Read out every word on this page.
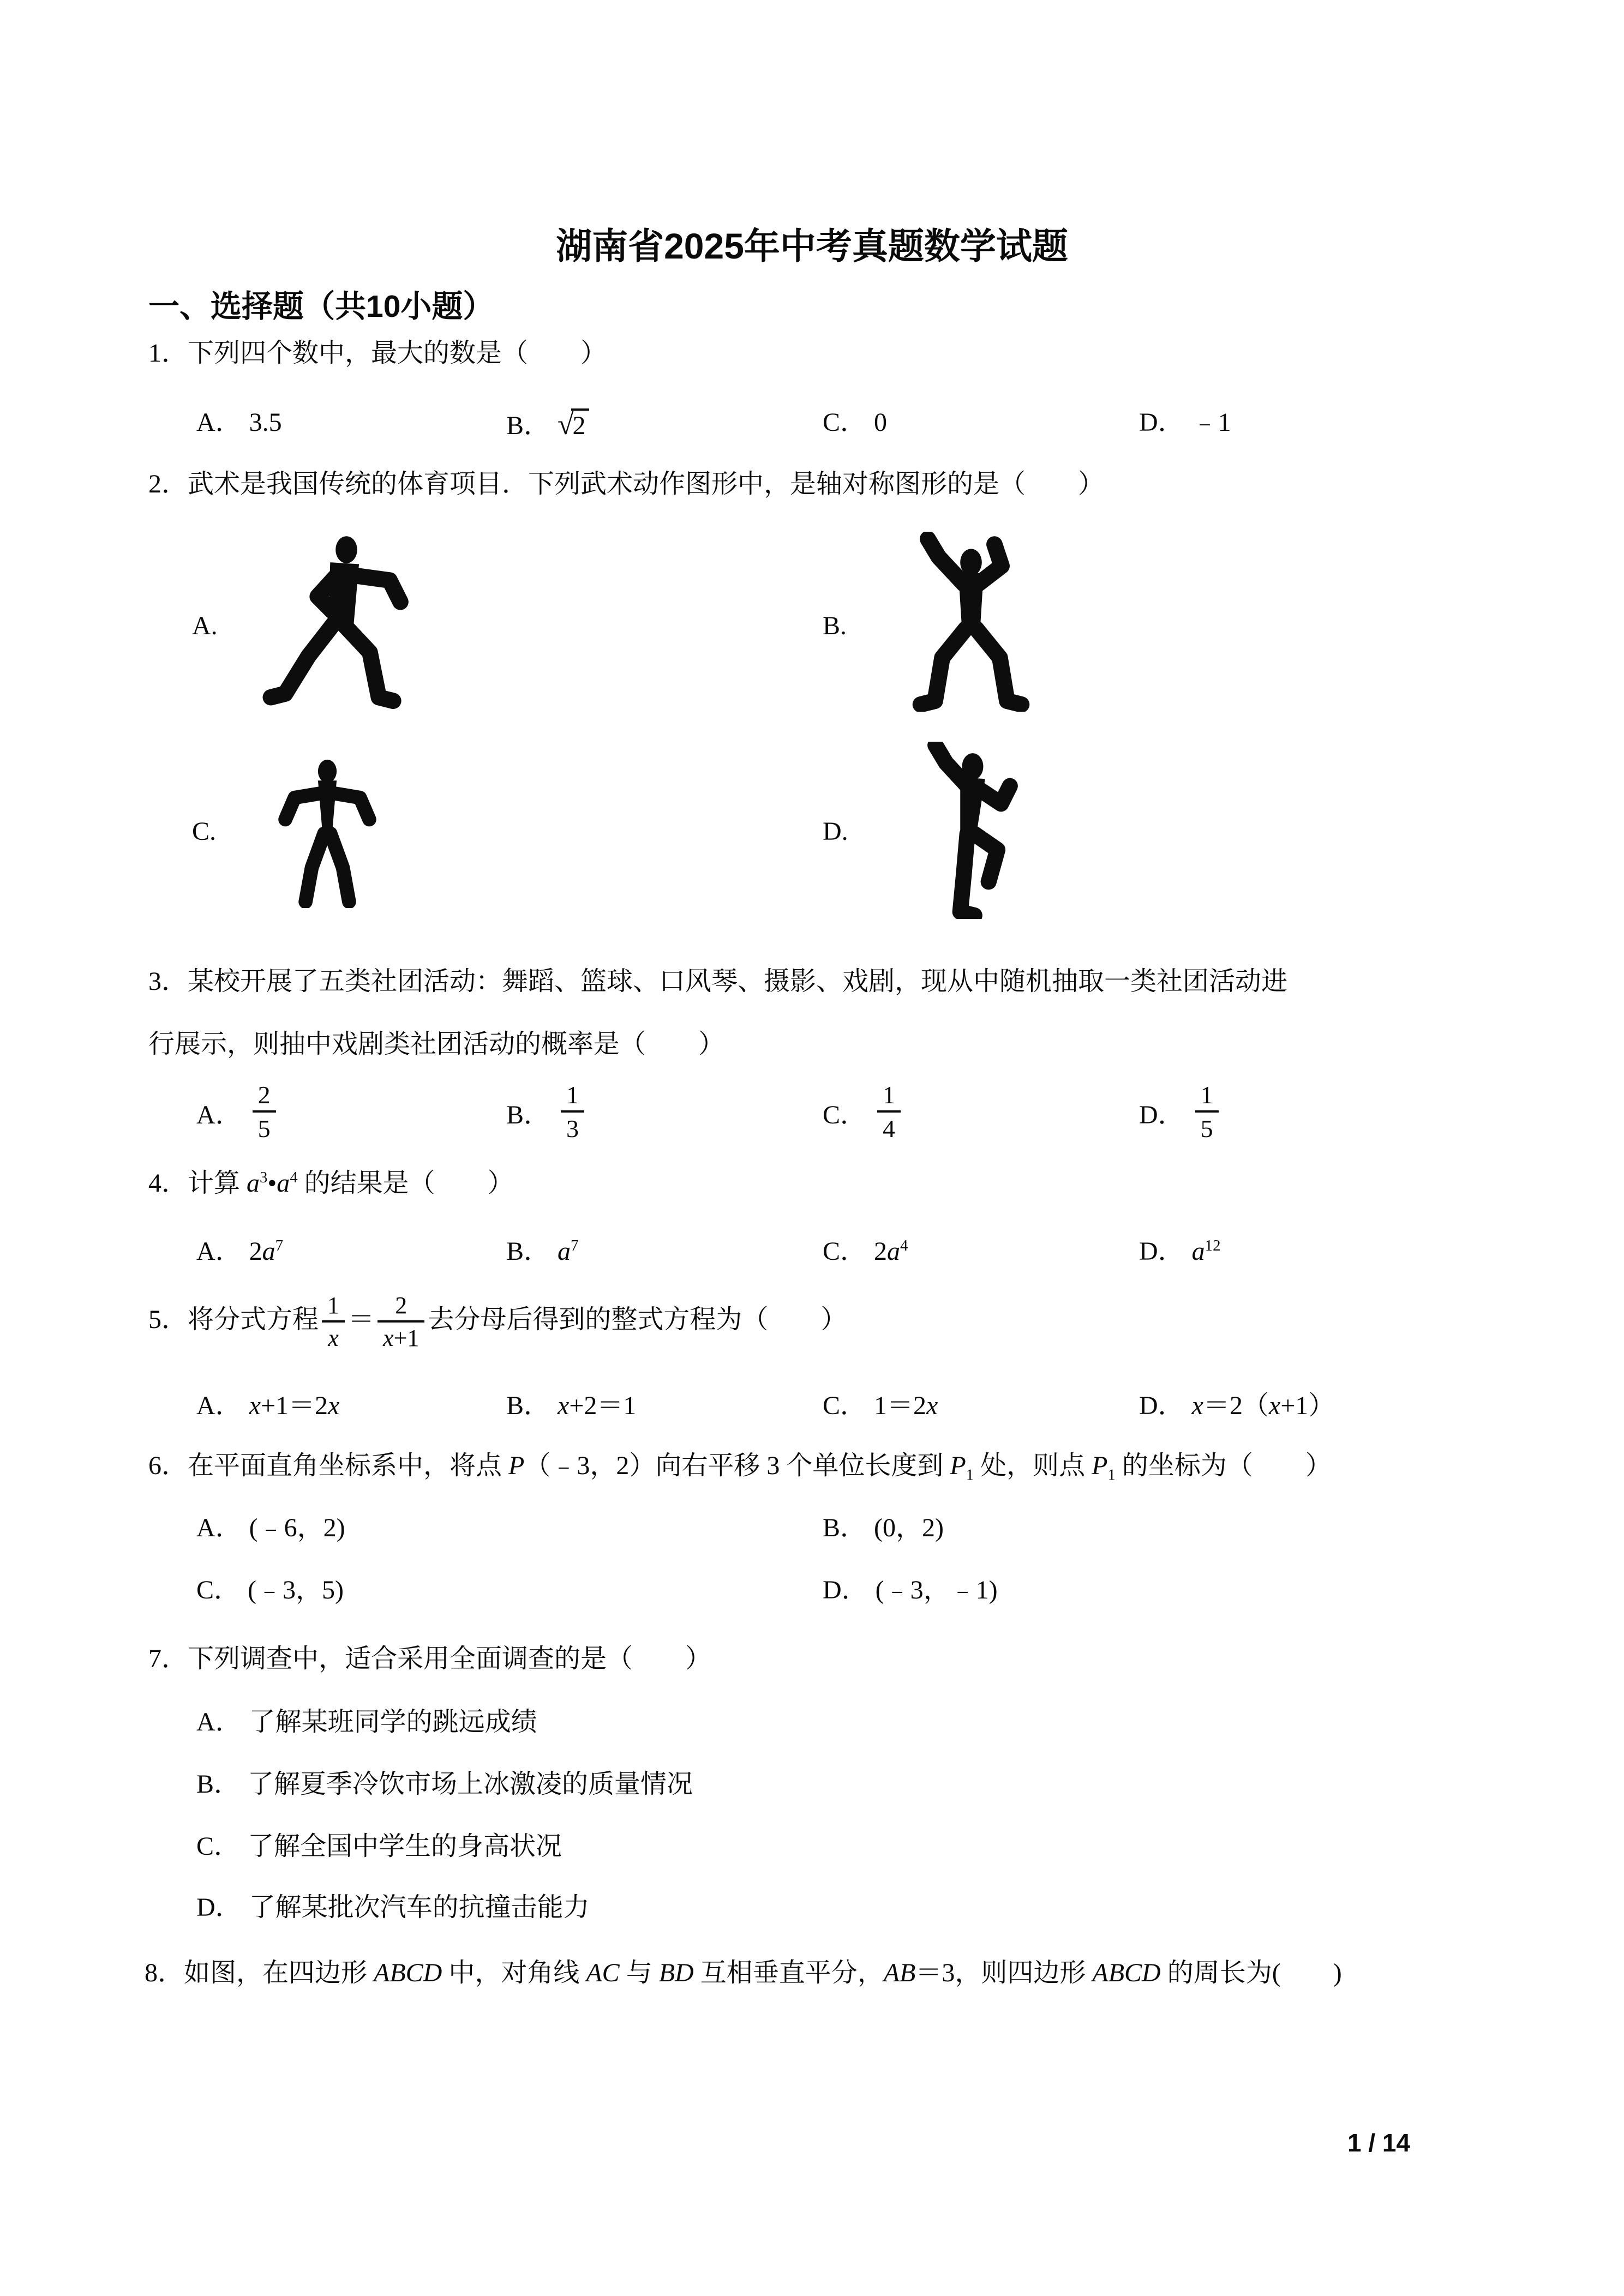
湖南省2025年中考真题数学试题
一、选择题（共10小题）
1．下列四个数中，最大的数是（　　）
A． 3.5	B． √2	C． 0	D． ﹣1
2．武术是我国传统的体育项目．下列武术动作图形中，是轴对称图形的是（　　）
A.	B.
C.	D.
3．某校开展了五类社团活动：舞蹈、篮球、口风琴、摄影、戏剧，现从中随机抽取一类社团活动进
行展示，则抽中戏剧类社团活动的概率是（　　）
A． $\frac{2}{5}$	B． $\frac{1}{3}$	C． $\frac{1}{4}$	D． $\frac{1}{5}$
4．计算 $a^3•a^4$ 的结果是（　　）
A． $2a^7$	B． $a^7$	C． $2a^4$	D． $a^{12}$
5．将分式方程 $\frac{1}{x} = \frac{2}{x+1}$ 去分母后得到的整式方程为（　　）
A． x+1＝2x	B． x+2＝1	C． 1＝2x	D． x＝2（x+1）
6．在平面直角坐标系中，将点 P（﹣3，2）向右平移 3 个单位长度到 $P_1$ 处，则点 $P_1$ 的坐标为（　　）
A． (﹣6，2)	B． (0，2)
C． (﹣3，5)	D． (﹣3，﹣1)
7．下列调查中，适合采用全面调查的是（　　）
A． 了解某班同学的跳远成绩
B． 了解夏季冷饮市场上冰激凌的质量情况
C． 了解全国中学生的身高状况
D． 了解某批次汽车的抗撞击能力
8．如图，在四边形 ABCD 中，对角线 AC 与 BD 互相垂直平分，AB＝3，则四边形 ABCD 的周长为(　　)
1 / 14
